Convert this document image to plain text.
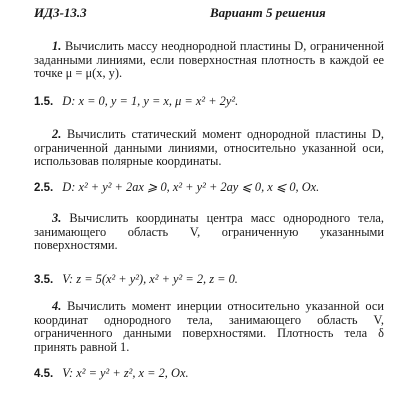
ИДЗ-13.3	Вариант 5 решения
1. Вычислить массу неоднородной пластины D, ограниченной заданными линиями, если поверхностная плотность в каждой ее точке μ = μ(x, y).
1.5. D: x = 0, y = 1, y = x, μ = x² + 2y².
2. Вычислить статический момент однородной пластины D, ограниченной данными линиями, относительно указанной оси, использовав полярные координаты.
2.5. D: x² + y² + 2ax ⩾ 0, x² + y² + 2ay ⩽ 0, x ⩽ 0, Ox.
3. Вычислить координаты центра масс однородного тела, занимающего область V, ограниченную указанными поверхностями.
3.5. V: z = 5(x² + y²), x² + y² = 2, z = 0.
4. Вычислить момент инерции относительно указанной оси координат однородного тела, занимающего область V, ограниченного данными поверхностями. Плотность тела δ принять равной 1.
4.5. V: x² = y² + z², x = 2, Ox.
